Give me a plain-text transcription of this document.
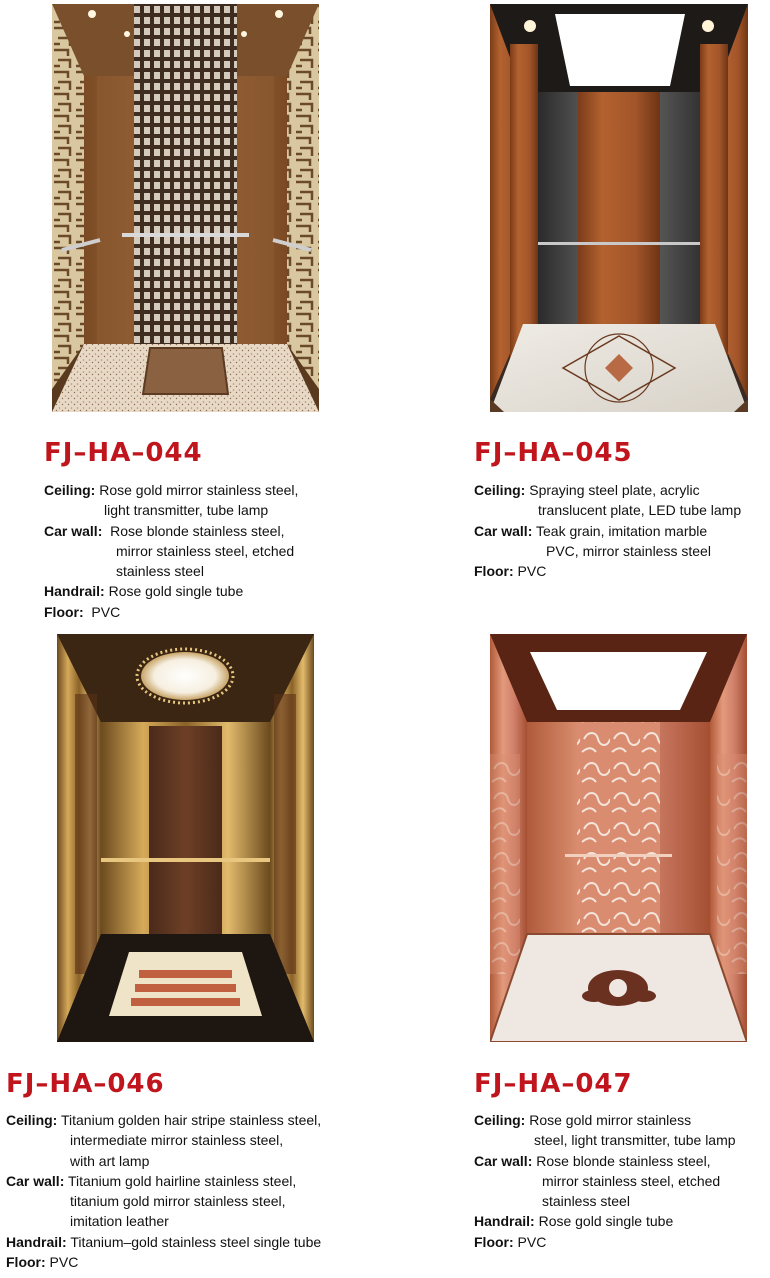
FJ–HA–044
Ceiling: Rose gold mirror stainless steel,
light transmitter, tube lamp
Car wall: Rose blonde stainless steel,
mirror stainless steel, etched
stainless steel
Handrail: Rose gold single tube
Floor: PVC
FJ–HA–045
Ceiling: Spraying steel plate, acrylic
translucent plate, LED tube lamp
Car wall: Teak grain, imitation marble
PVC, mirror stainless steel
Floor: PVC
FJ–HA–046
Ceiling: Titanium golden hair stripe stainless steel,
intermediate mirror stainless steel,
with art lamp
Car wall: Titanium gold hairline stainless steel,
titanium gold mirror stainless steel,
imitation leather
Handrail: Titanium–gold stainless steel single tube
Floor: PVC
FJ–HA–047
Ceiling: Rose gold mirror stainless
steel, light transmitter, tube lamp
Car wall: Rose blonde stainless steel,
mirror stainless steel, etched
stainless steel
Handrail: Rose gold single tube
Floor: PVC
